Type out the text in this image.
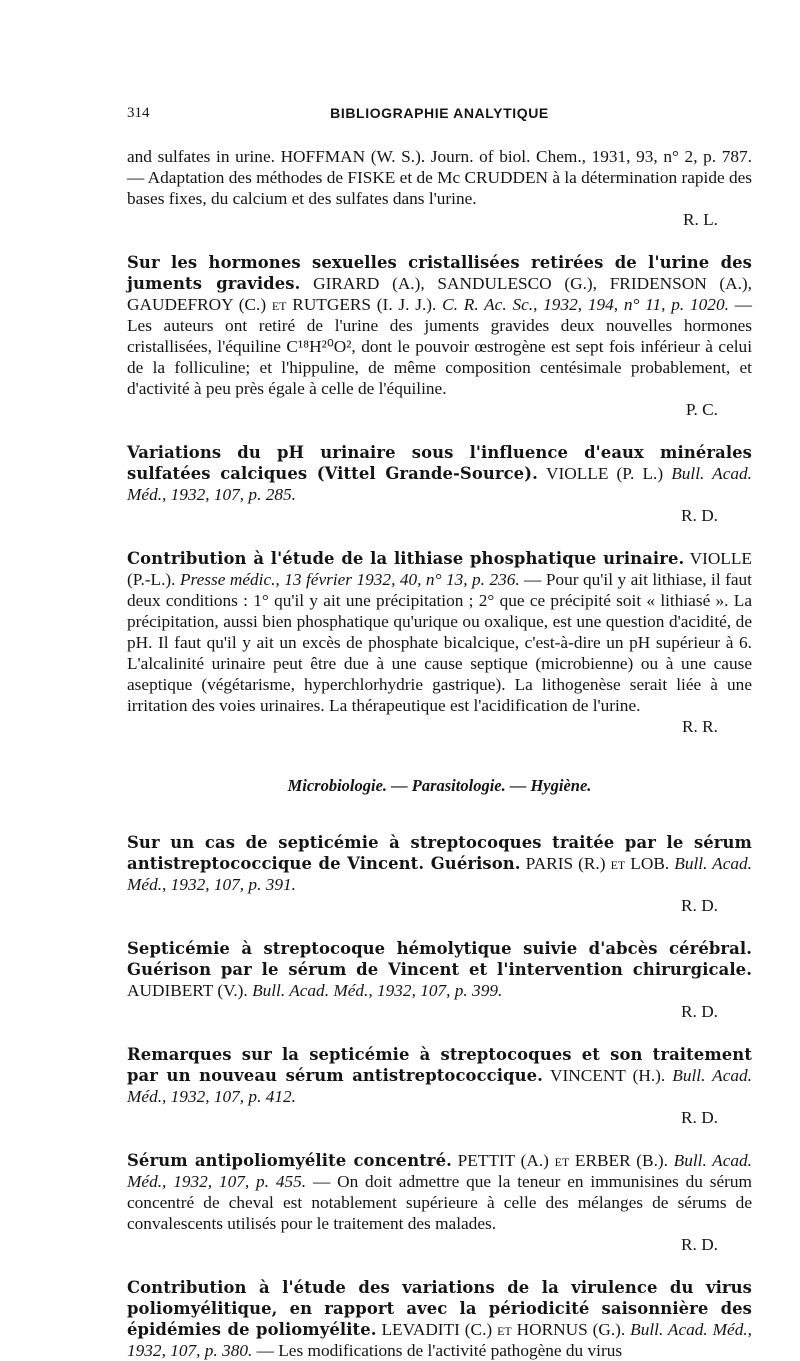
314	BIBLIOGRAPHIE ANALYTIQUE

and sulfates in urine. HOFFMAN (W. S.). Journ. of biol. Chem., 1931, 93, n° 2, p. 787. — Adaptation des méthodes de FISKE et de Mc CRUDDEN à la détermination rapide des bases fixes, du calcium et des sulfates dans l'urine.

R. L.

Sur les hormones sexuelles cristallisées retirées de l'urine des juments gravides. GIRARD (A.), SANDULESCO (G.), FRIDENSON (A.), GAUDEFROY (C.) et RUTGERS (I. J. J.). C. R. Ac. Sc., 1932, 194, n° 11, p. 1020. — Les auteurs ont retiré de l'urine des juments gravides deux nouvelles hormones cristallisées, l'équiline C¹⁸H²⁰O², dont le pouvoir œstrogène est sept fois inférieur à celui de la folliculine; et l'hippuline, de même composition centésimale probablement, et d'activité à peu près égale à celle de l'équiline.

P. C.

Variations du pH urinaire sous l'influence d'eaux minérales sulfatées calciques (Vittel Grande-Source). VIOLLE (P. L.) Bull. Acad. Méd., 1932, 107, p. 285.

R. D.

Contribution à l'étude de la lithiase phosphatique urinaire. VIOLLE (P.-L.). Presse médic., 13 février 1932, 40, n° 13, p. 236. — Pour qu'il y ait lithiase, il faut deux conditions : 1° qu'il y ait une précipitation ; 2° que ce précipité soit « lithiasé ». La précipitation, aussi bien phosphatique qu'urique ou oxalique, est une question d'acidité, de pH. Il faut qu'il y ait un excès de phosphate bicalcique, c'est-à-dire un pH supérieur à 6. L'alcalinité urinaire peut être due à une cause septique (microbienne) ou à une cause aseptique (végétarisme, hyperchlorhydrie gastrique). La lithogenèse serait liée à une irritation des voies urinaires. La thérapeutique est l'acidification de l'urine.

R. R.
Microbiologie. — Parasitologie. — Hygiène.

Sur un cas de septicémie à streptocoques traitée par le sérum antistreptococcique de Vincent. Guérison. PARIS (R.) et LOB. Bull. Acad. Méd., 1932, 107, p. 391.

R. D.

Septicémie à streptocoque hémolytique suivie d'abcès cérébral. Guérison par le sérum de Vincent et l'intervention chirurgicale. AUDIBERT (V.). Bull. Acad. Méd., 1932, 107, p. 399.

R. D.

Remarques sur la septicémie à streptocoques et son traitement par un nouveau sérum antistreptococcique. VINCENT (H.). Bull. Acad. Méd., 1932, 107, p. 412.

R. D.

Sérum antipoliomyélite concentré. PETTIT (A.) et ERBER (B.). Bull. Acad. Méd., 1932, 107, p. 455. — On doit admettre que la teneur en immunisines du sérum concentré de cheval est notablement supérieure à celle des mélanges de sérums de convalescents utilisés pour le traitement des malades.

R. D.

Contribution à l'étude des variations de la virulence du virus poliomyélitique, en rapport avec la périodicité saisonnière des épidémies de poliomyélite. LEVADITI (C.) et HORNUS (G.). Bull. Acad. Méd., 1932, 107, p. 380. — Les modifications de l'activité pathogène du virus
